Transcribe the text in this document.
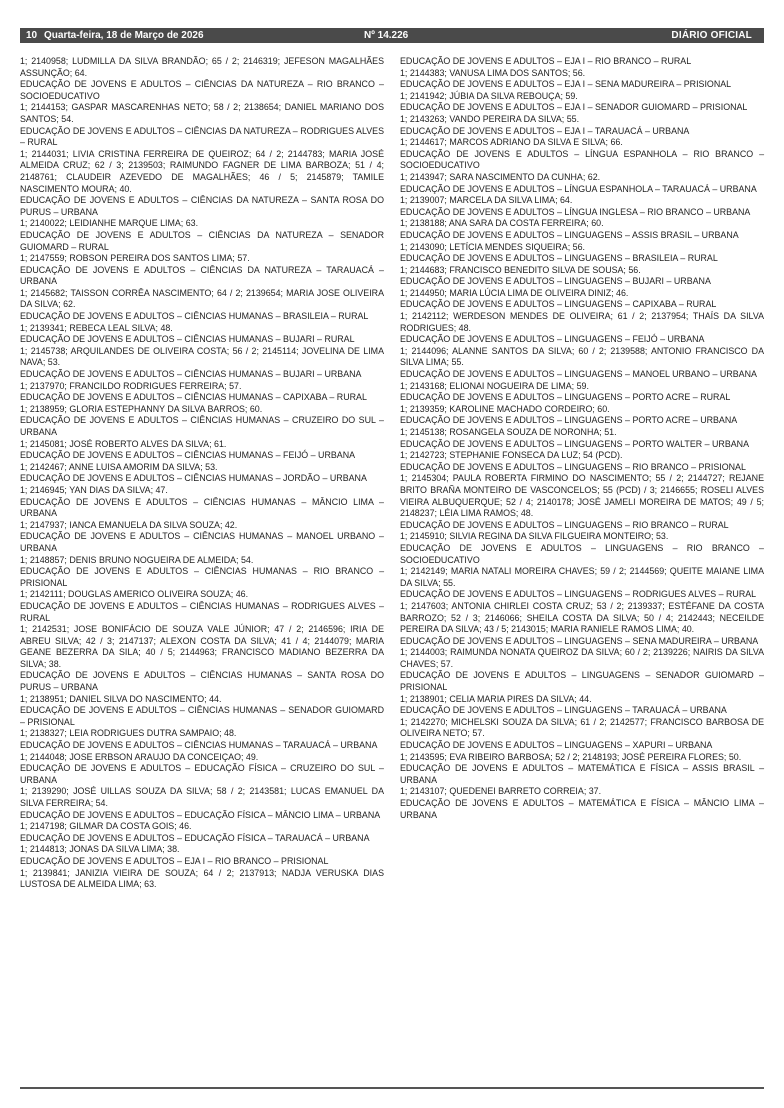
10 Quarta-feira, 18 de Março de 2026	Nº 14.226	DIÁRIO OFICIAL

1; 2140958; LUDMILLA DA SILVA BRANDÃO; 65 / 2; 2146319; JEFESON MAGALHÃES ASSUNÇÃO; 64.

EDUCAÇÃO DE JOVENS E ADULTOS – CIÊNCIAS DA NATUREZA – RIO BRANCO – SOCIOEDUCATIVO

1; 2144153; GASPAR MASCARENHAS NETO; 58 / 2; 2138654; DANIEL MARIANO DOS SANTOS; 54.

EDUCAÇÃO DE JOVENS E ADULTOS – CIÊNCIAS DA NATUREZA – RODRIGUES ALVES – RURAL

1; 2144031; LIVIA CRISTINA FERREIRA DE QUEIROZ; 64 / 2; 2144783; MARIA JOSÉ ALMEIDA CRUZ; 62 / 3; 2139503; RAIMUNDO FAGNER DE LIMA BARBOZA; 51 / 4; 2148761; CLAUDEIR AZEVEDO DE MAGALHÃES; 46 / 5; 2145879; TAMILE NASCIMENTO MOURA; 40.

EDUCAÇÃO DE JOVENS E ADULTOS – CIÊNCIAS DA NATUREZA – SANTA ROSA DO PURUS – URBANA

1; 2140022; LEIDIANHE MARQUE LIMA; 63.

EDUCAÇÃO DE JOVENS E ADULTOS – CIÊNCIAS DA NATUREZA – SENADOR GUIOMARD – RURAL

1; 2147559; ROBSON PEREIRA DOS SANTOS LIMA; 57.

EDUCAÇÃO DE JOVENS E ADULTOS – CIÊNCIAS DA NATUREZA – TARAUACÁ – URBANA

1; 2145682; TAISSON CORRÊA NASCIMENTO; 64 / 2; 2139654; MARIA JOSE OLIVEIRA DA SILVA; 62.

EDUCAÇÃO DE JOVENS E ADULTOS – CIÊNCIAS HUMANAS – BRASILEIA – RURAL

1; 2139341; REBECA LEAL SILVA; 48.

EDUCAÇÃO DE JOVENS E ADULTOS – CIÊNCIAS HUMANAS – BUJARI – RURAL

1; 2145738; ARQUILANDES DE OLIVEIRA COSTA; 56 / 2; 2145114; JOVELINA DE LIMA NAVA; 53.

EDUCAÇÃO DE JOVENS E ADULTOS – CIÊNCIAS HUMANAS – BUJARI – URBANA

1; 2137970; FRANCILDO RODRIGUES FERREIRA; 57.

EDUCAÇÃO DE JOVENS E ADULTOS – CIÊNCIAS HUMANAS – CAPIXABA – RURAL

1; 2138959; GLORIA ESTEPHANNY DA SILVA BARROS; 60.

EDUCAÇÃO DE JOVENS E ADULTOS – CIÊNCIAS HUMANAS – CRUZEIRO DO SUL – URBANA

1; 2145081; JOSÉ ROBERTO ALVES DA SILVA; 61.

EDUCAÇÃO DE JOVENS E ADULTOS – CIÊNCIAS HUMANAS – FEIJÓ – URBANA

1; 2142467; ANNE LUISA AMORIM DA SILVA; 53.

EDUCAÇÃO DE JOVENS E ADULTOS – CIÊNCIAS HUMANAS – JORDÃO – URBANA

1; 2146945; YAN DIAS DA SILVA; 47.

EDUCAÇÃO DE JOVENS E ADULTOS – CIÊNCIAS HUMANAS – MÂNCIO LIMA – URBANA

1; 2147937; IANCA EMANUELA DA SILVA SOUZA; 42.

EDUCAÇÃO DE JOVENS E ADULTOS – CIÊNCIAS HUMANAS – MANOEL URBANO – URBANA

1; 2148857; DENIS BRUNO NOGUEIRA DE ALMEIDA; 54.

EDUCAÇÃO DE JOVENS E ADULTOS – CIÊNCIAS HUMANAS – RIO BRANCO – PRISIONAL

1; 2142111; DOUGLAS AMERICO OLIVEIRA SOUZA; 46.

EDUCAÇÃO DE JOVENS E ADULTOS – CIÊNCIAS HUMANAS – RODRIGUES ALVES – RURAL

1; 2142531; JOSE BONIFÁCIO DE SOUZA VALE JÚNIOR; 47 / 2; 2146596; IRIA DE ABREU SILVA; 42 / 3; 2147137; ALEXON COSTA DA SILVA; 41 / 4; 2144079; MARIA GEANE BEZERRA DA SILA; 40 / 5; 2144963; FRANCISCO MADIANO BEZERRA DA SILVA; 38.

EDUCAÇÃO DE JOVENS E ADULTOS – CIÊNCIAS HUMANAS – SANTA ROSA DO PURUS – URBANA

1; 2138951; DANIEL SILVA DO NASCIMENTO; 44.

EDUCAÇÃO DE JOVENS E ADULTOS – CIÊNCIAS HUMANAS – SENADOR GUIOMARD – PRISIONAL

1; 2138327; LEIA RODRIGUES DUTRA SAMPAIO; 48.

EDUCAÇÃO DE JOVENS E ADULTOS – CIÊNCIAS HUMANAS – TARAUACÁ – URBANA

1; 2144048; JOSE ERBSON ARAUJO DA CONCEIÇAO; 49.

EDUCAÇÃO DE JOVENS E ADULTOS – EDUCAÇÃO FÍSICA – CRUZEIRO DO SUL – URBANA

1; 2139290; JOSÉ UILLAS SOUZA DA SILVA; 58 / 2; 2143581; LUCAS EMANUEL DA SILVA FERREIRA; 54.

EDUCAÇÃO DE JOVENS E ADULTOS – EDUCAÇÃO FÍSICA – MÂNCIO LIMA – URBANA

1; 2147198; GILMAR DA COSTA GOIS; 46.

EDUCAÇÃO DE JOVENS E ADULTOS – EDUCAÇÃO FÍSICA – TARAUACÁ – URBANA

1; 2144813; JONAS DA SILVA LIMA; 38.

EDUCAÇÃO DE JOVENS E ADULTOS – EJA I – RIO BRANCO – PRISIONAL

1; 2139841; JANIZIA VIEIRA DE SOUZA; 64 / 2; 2137913; NADJA VERUSKA DIAS LUSTOSA DE ALMEIDA LIMA; 63.

EDUCAÇÃO DE JOVENS E ADULTOS – EJA I – RIO BRANCO – RURAL

1; 2144383; VANUSA LIMA DOS SANTOS; 56.

EDUCAÇÃO DE JOVENS E ADULTOS – EJA I – SENA MADUREIRA – PRISIONAL

1; 2141942; JÚBIA DA SILVA REBOUÇA; 59.

EDUCAÇÃO DE JOVENS E ADULTOS – EJA I – SENADOR GUIOMARD – PRISIONAL

1; 2143263; VANDO PEREIRA DA SILVA; 55.

EDUCAÇÃO DE JOVENS E ADULTOS – EJA I – TARAUACÁ – URBANA

1; 2144617; MARCOS ADRIANO DA SILVA E SILVA; 66.

EDUCAÇÃO DE JOVENS E ADULTOS – LÍNGUA ESPANHOLA – RIO BRANCO – SOCIOEDUCATIVO

1; 2143947; SARA NASCIMENTO DA CUNHA; 62.

EDUCAÇÃO DE JOVENS E ADULTOS – LÍNGUA ESPANHOLA – TARAUACÁ – URBANA

1; 2139007; MARCELA DA SILVA LIMA; 64.

EDUCAÇÃO DE JOVENS E ADULTOS – LÍNGUA INGLESA – RIO BRANCO – URBANA

1; 2138188; ANA SARA DA COSTA FERREIRA; 60.

EDUCAÇÃO DE JOVENS E ADULTOS – LINGUAGENS – ASSIS BRASIL – URBANA

1; 2143090; LETÍCIA MENDES SIQUEIRA; 56.

EDUCAÇÃO DE JOVENS E ADULTOS – LINGUAGENS – BRASILEIA – RURAL

1; 2144683; FRANCISCO BENEDITO SILVA DE SOUSA; 56.

EDUCAÇÃO DE JOVENS E ADULTOS – LINGUAGENS – BUJARI – URBANA

1; 2144950; MARIA LÚCIA LIMA DE OLIVEIRA DINIZ; 46.

EDUCAÇÃO DE JOVENS E ADULTOS – LINGUAGENS – CAPIXABA – RURAL

1; 2142112; WERDESON MENDES DE OLIVEIRA; 61 / 2; 2137954; THAÍS DA SILVA RODRIGUES; 48.

EDUCAÇÃO DE JOVENS E ADULTOS – LINGUAGENS – FEIJÓ – URBANA

1; 2144096; ALANNE SANTOS DA SILVA; 60 / 2; 2139588; ANTONIO FRANCISCO DA SILVA LIMA; 55.

EDUCAÇÃO DE JOVENS E ADULTOS – LINGUAGENS – MANOEL URBANO – URBANA

1; 2143168; ELIONAI NOGUEIRA DE LIMA; 59.

EDUCAÇÃO DE JOVENS E ADULTOS – LINGUAGENS – PORTO ACRE – RURAL

1; 2139359; KAROLINE MACHADO CORDEIRO; 60.

EDUCAÇÃO DE JOVENS E ADULTOS – LINGUAGENS – PORTO ACRE – URBANA

1; 2145138; ROSANGELA SOUZA DE NORONHA; 51.

EDUCAÇÃO DE JOVENS E ADULTOS – LINGUAGENS – PORTO WALTER – URBANA

1; 2142723; STEPHANIE FONSECA DA LUZ; 54 (PCD).

EDUCAÇÃO DE JOVENS E ADULTOS – LINGUAGENS – RIO BRANCO – PRISIONAL

1; 2145304; PAULA ROBERTA FIRMINO DO NASCIMENTO; 55 / 2; 2144727; REJANE BRITO BRAÑA MONTEIRO DE VASCONCELOS; 55 (PCD) / 3; 2146655; ROSELI ALVES VIEIRA ALBUQUERQUE; 52 / 4; 2140178; JOSÉ JAMELI MOREIRA DE MATOS; 49 / 5; 2148237; LÉIA LIMA RAMOS; 48.

EDUCAÇÃO DE JOVENS E ADULTOS – LINGUAGENS – RIO BRANCO – RURAL

1; 2145910; SILVIA REGINA DA SILVA FILGUEIRA MONTEIRO; 53.

EDUCAÇÃO DE JOVENS E ADULTOS – LINGUAGENS – RIO BRANCO – SOCIOEDUCATIVO

1; 2142149; MARIA NATALI MOREIRA CHAVES; 59 / 2; 2144569; QUEITE MAIANE LIMA DA SILVA; 55.

EDUCAÇÃO DE JOVENS E ADULTOS – LINGUAGENS – RODRIGUES ALVES – RURAL

1; 2147603; ANTONIA CHIRLEI COSTA CRUZ; 53 / 2; 2139337; ESTÉFANE DA COSTA BARROZO; 52 / 3; 2146066; SHEILA COSTA DA SILVA; 50 / 4; 2142443; NECEILDE PEREIRA DA SILVA; 43 / 5; 2143015; MARIA RANIELE RAMOS LIMA; 40.

EDUCAÇÃO DE JOVENS E ADULTOS – LINGUAGENS – SENA MADUREIRA – URBANA

1; 2144003; RAIMUNDA NONATA QUEIROZ DA SILVA; 60 / 2; 2139226; NAIRIS DA SILVA CHAVES; 57.

EDUCAÇÃO DE JOVENS E ADULTOS – LINGUAGENS – SENADOR GUIOMARD – PRISIONAL

1; 2138901; CELIA MARIA PIRES DA SILVA; 44.

EDUCAÇÃO DE JOVENS E ADULTOS – LINGUAGENS – TARAUACÁ – URBANA

1; 2142270; MICHELSKI SOUZA DA SILVA; 61 / 2; 2142577; FRANCISCO BARBOSA DE OLIVEIRA NETO; 57.

EDUCAÇÃO DE JOVENS E ADULTOS – LINGUAGENS – XAPURI – URBANA

1; 2143595; EVA RIBEIRO BARBOSA; 52 / 2; 2148193; JOSÉ PEREIRA FLORES; 50.

EDUCAÇÃO DE JOVENS E ADULTOS – MATEMÁTICA E FÍSICA – ASSIS BRASIL – URBANA

1; 2143107; QUEDENEI BARRETO CORREIA; 37.

EDUCAÇÃO DE JOVENS E ADULTOS – MATEMÁTICA E FÍSICA – MÂNCIO LIMA – URBANA
